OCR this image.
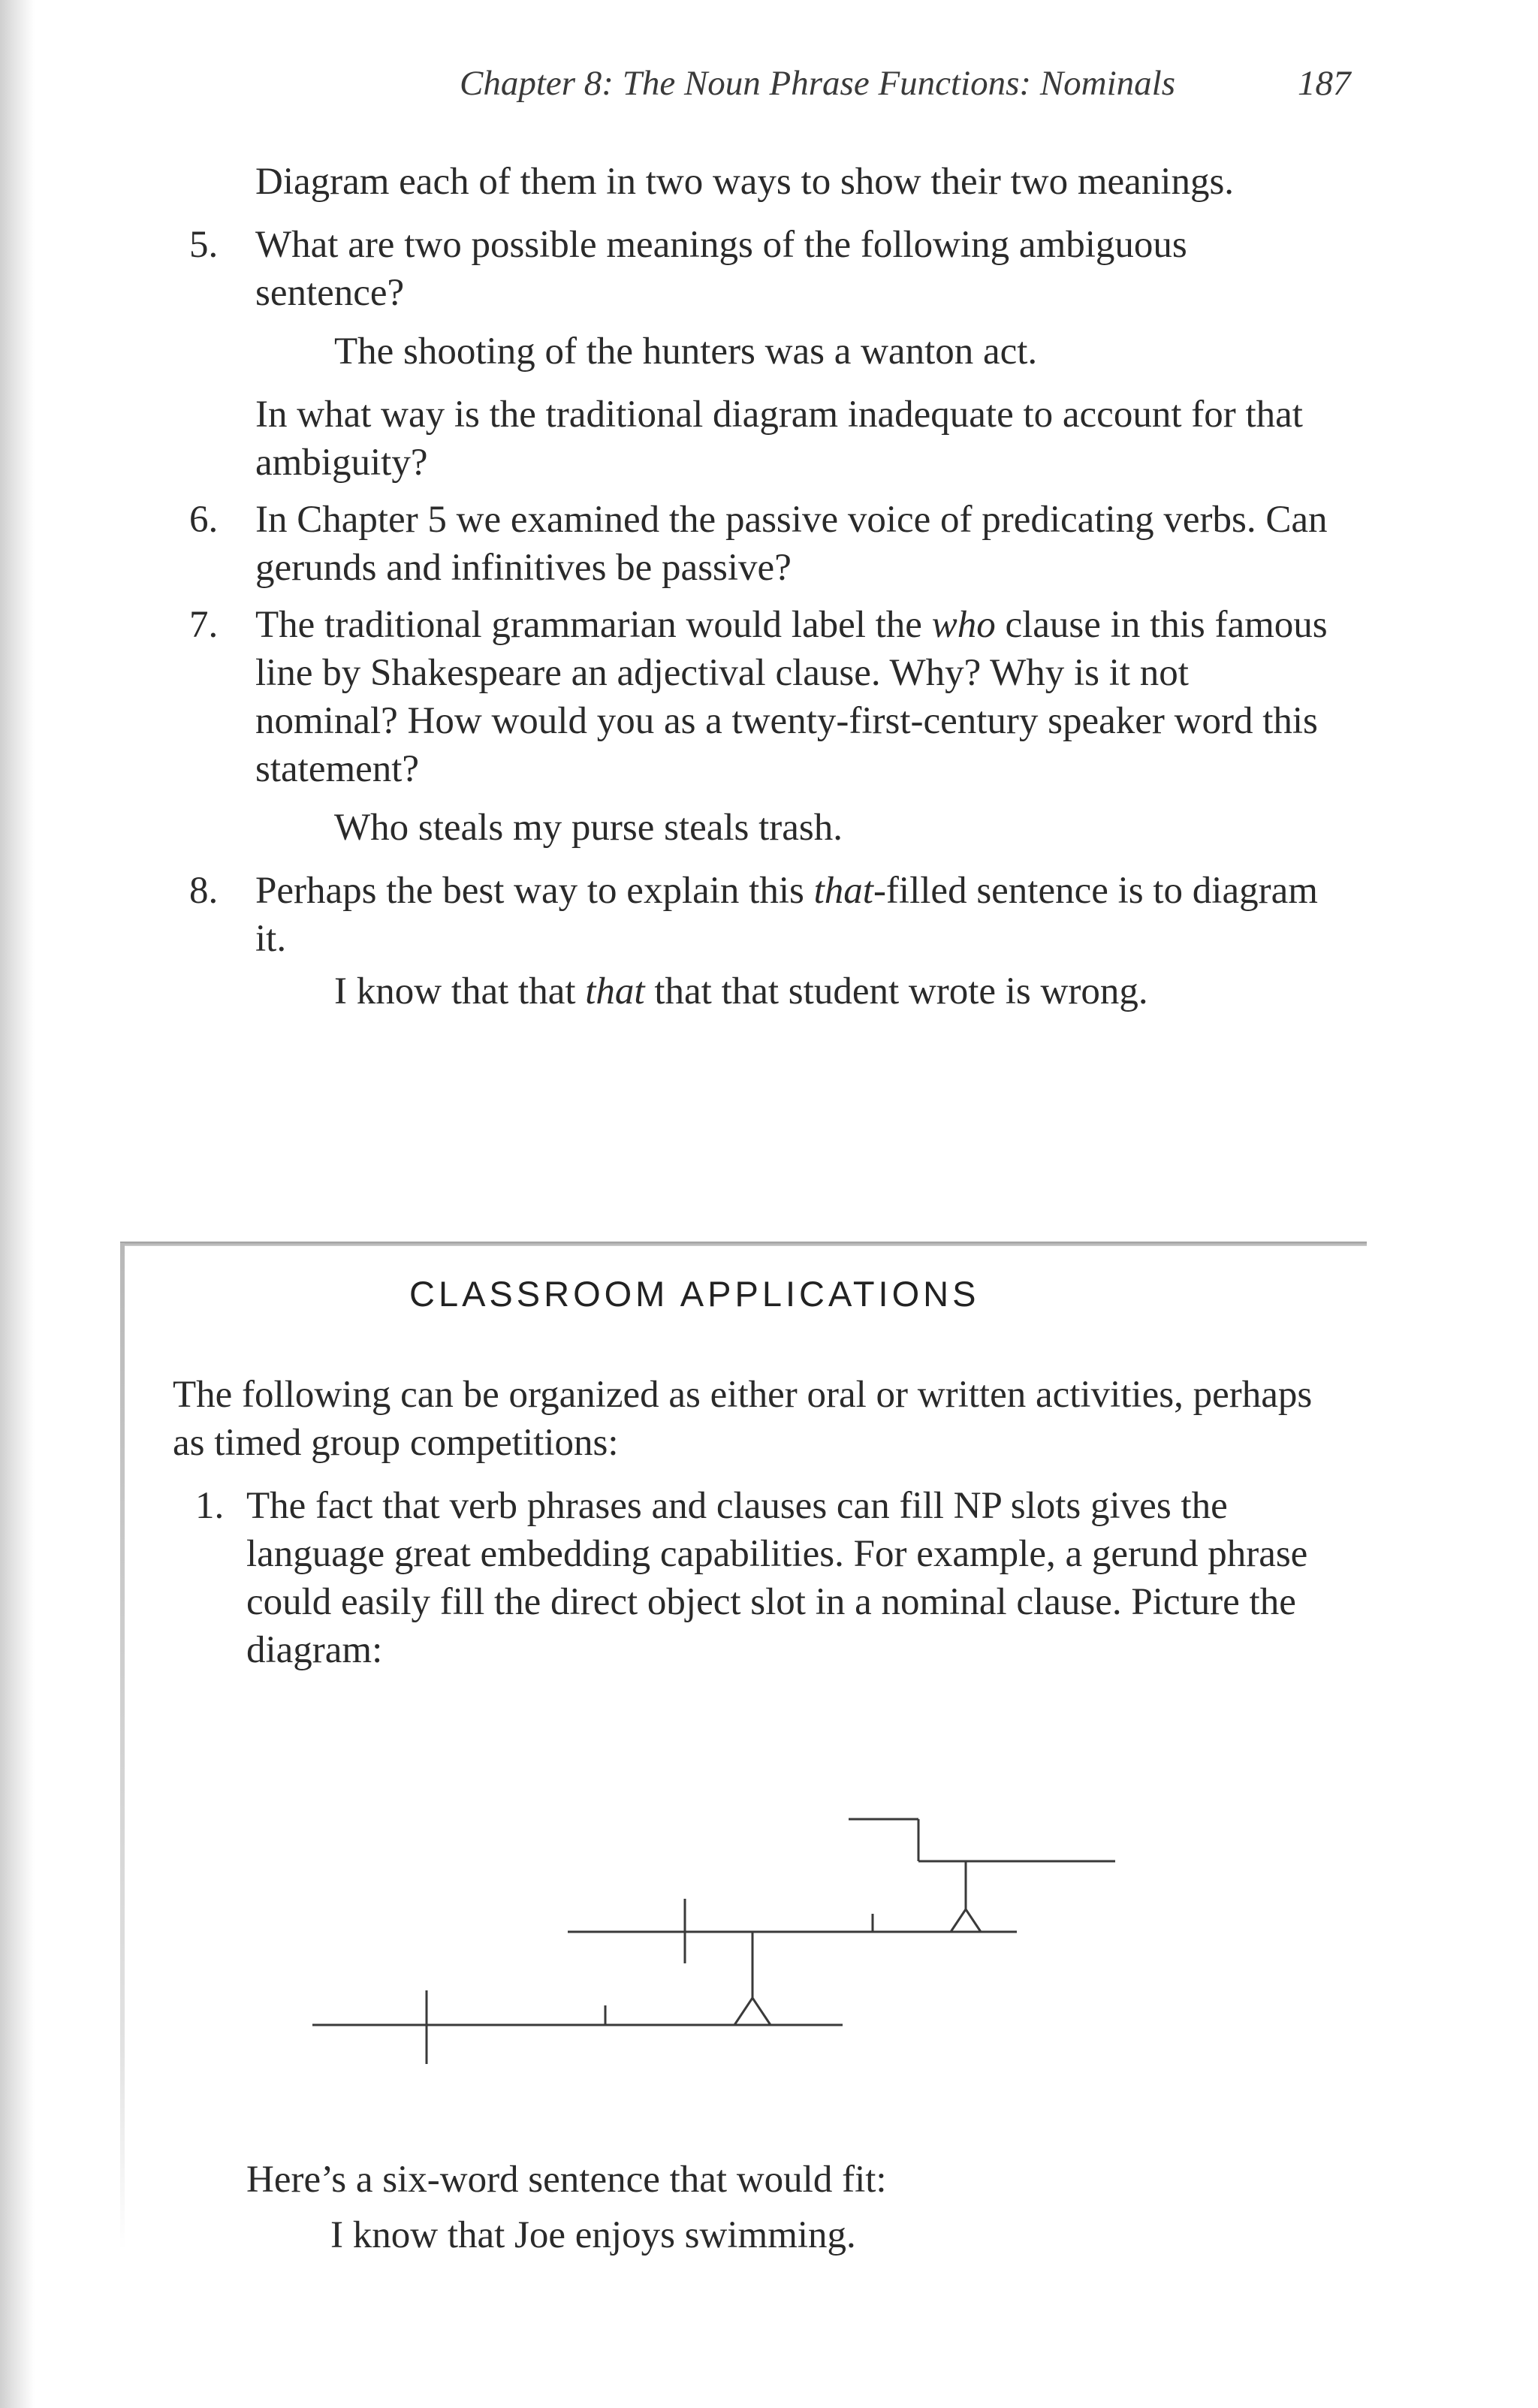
Chapter 8: The Noun Phrase Functions: Nominals	187

Diagram each of them in two ways to show their two meanings.

5. What are two possible meanings of the following ambiguous sentence?
The shooting of the hunters was a wanton act.
In what way is the traditional diagram inadequate to account for that ambiguity?
6. In Chapter 5 we examined the passive voice of predicating verbs. Can gerunds and infinitives be passive?
7. The traditional grammarian would label the who clause in this famous line by Shakespeare an adjectival clause. Why? Why is it not nominal? How would you as a twenty-first-century speaker word this statement?
Who steals my purse steals trash.
8. Perhaps the best way to explain this that-filled sentence is to diagram it.
I know that that that that that student wrote is wrong.
CLASSROOM APPLICATIONS

The following can be organized as either oral or written activities, perhaps as timed group competitions:

1. The fact that verb phrases and clauses can fill NP slots gives the language great embedding capabilities. For example, a gerund phrase could easily fill the direct object slot in a nominal clause. Picture the diagram:
Here’s a six-word sentence that would fit:
I know that Joe enjoys swimming.
